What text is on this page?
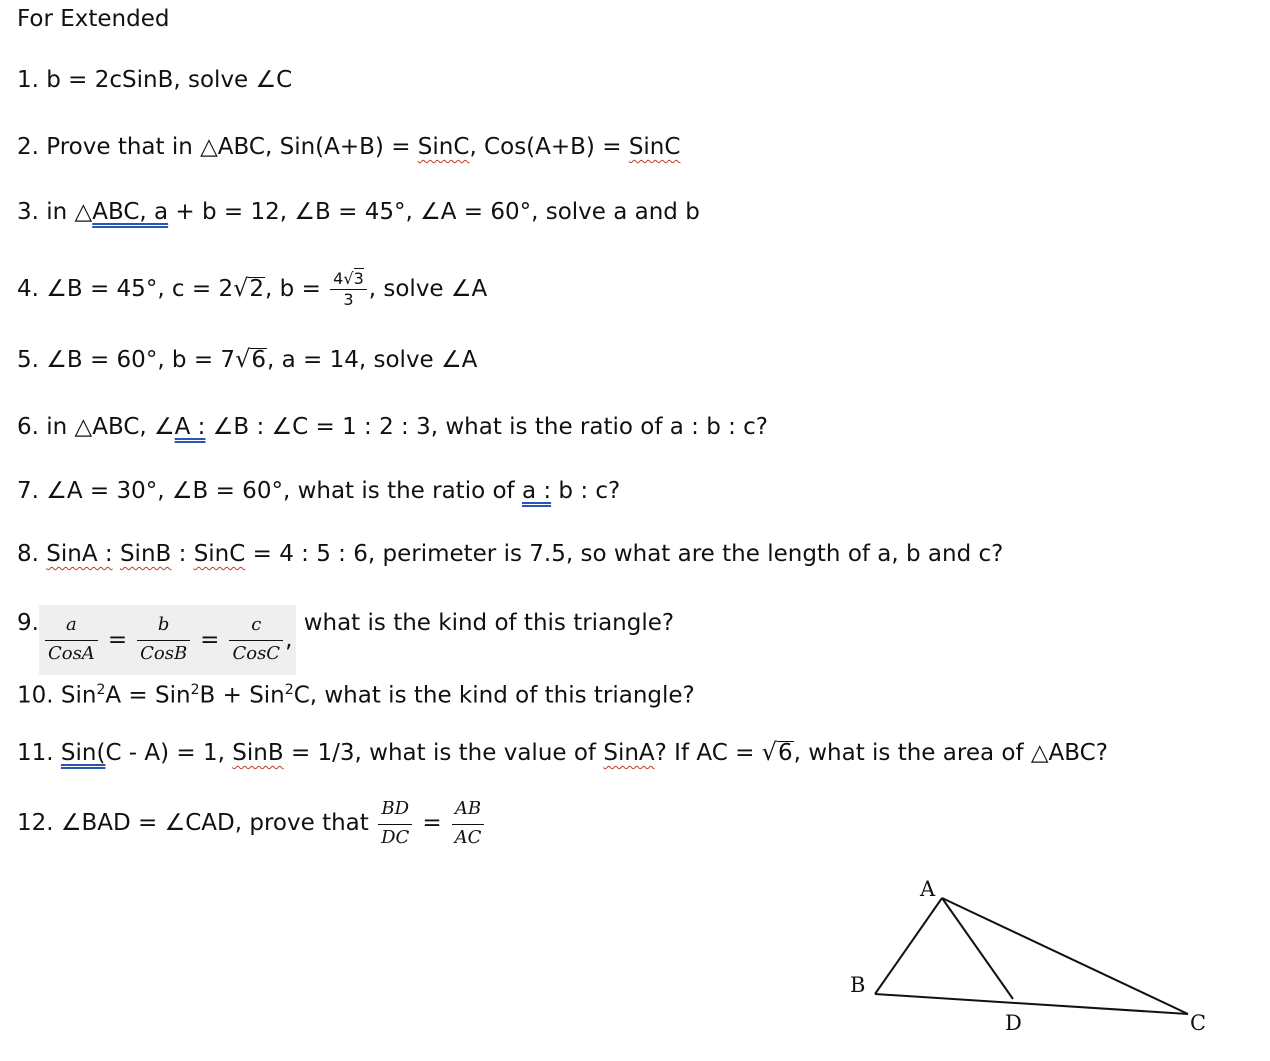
For Extended
1. b = 2cSinB, solve ∠C
2. Prove that in △ABC, Sin(A+B) = SinC, Cos(A+B) = SinC
3. in △ABC, a + b = 12, ∠B = 45°, ∠A = 60°, solve a and b
4. ∠B = 45°, c = 2√2, $b = \frac{4√3}{3}$ , solve ∠A
5. ∠B = 60°, b = 7√6, a = 14, solve ∠A
6. in △ABC, ∠A : ∠B : ∠C = 1 : 2 : 3, what is the ratio of a : b : c?
7. ∠A = 30°, ∠B = 60°, what is the ratio of a : b : c?
8. SinA : SinB : SinC = 4 : 5 : 6, perimeter is 7.5, so what are the length of a, b and c?
9. $\frac{a}{\text{CosA}} = \frac{b}{\text{CosB}} = \frac{c}{\text{CosC}}$ ,
what is the kind of this triangle?
10. Sin$^2$A = Sin$^2$B + Sin$^2$C, what is the kind of this triangle?
11. Sin(C - A) = 1, SinB = 1/3, what is the value of SinA? If AC = √6, what is the area of △ABC?
12. ∠BAD = ∠CAD, prove that $\frac{BD}{DC} = \frac{AB}{AC}$
A
B
D	C
